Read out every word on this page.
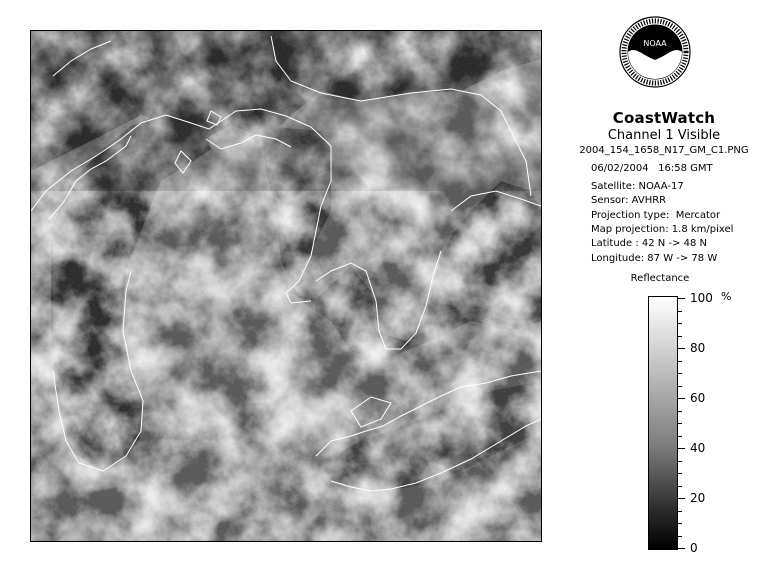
NOAA
CoastWatch
Channel 1 Visible
2004_154_1658_N17_GM_C1.PNG
06/02/2004   16:58 GMT
Satellite: NOAA-17
Sensor: AVHRR
Projection type:  Mercator
Map projection: 1.8 km/pixel
Latitude : 42 N -> 48 N
Longitude: 87 W -> 78 W
Reflectance
%
100
80
60
40
20
0
